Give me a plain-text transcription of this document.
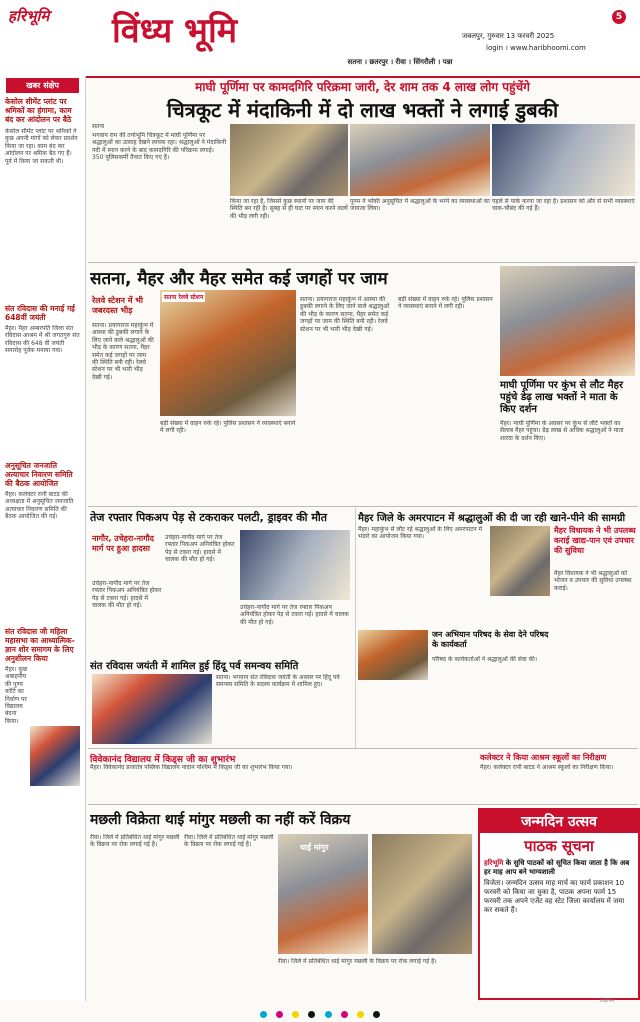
हरिभूमि विंध्य भूमि	जबलपुर, गुरुवार 13 फरवरी 2025
login । www.haribhoomi.com
5
सतना । छतरपुर । रीवा । सिंगरौली । पन्ना
खबर संक्षेप
केसोल सीमेंट प्लांट पर श्रमिकों का हंगामा, काम बंद कर आंदोलन पर बैठे
केसोल सीमेंट प्लांट पर श्रमिकों ने कुछ अपनी मांगों को लेकर प्रदर्शन किया जा रहा। काम बंद कर आंदोलन पर श्रमिक बैठ गए हैं। पूर्व में किया जा सकती थी।
संत रविदास की मनाई गई 648वीं जयंती
मैहर। मैहर अम्बरपति जिला संत रविदास आश्रम में श्री जगतगुरु संत रविदास की 648 वीं जयंती समारोह पूर्वक मनाया गया।
अनुसूचित जनजाति अत्याचार निवारण समिति की बैठक आयोजित
मैहर। कलेक्टर रानी बाटड की अध्यक्षता में अनुसूचित जनजाति अत्याचार निवारण समिति की बैठक आयोजित की गई।
संत रविदास जी महिला महासभा का आध्यात्मिक-ज्ञान शोर समागम के लिए अनुशीलन किया
मैहर। कुछ अबाहनीय की पुण्य कोटि का निर्वाण पर विद्यालय बंदना किया।
माघी पूर्णिमा पर कामदगिरि परिक्रमा जारी, देर शाम तक 4 लाख लोग पहुंचेंगे
चित्रकूट में मंदाकिनी में दो लाख भक्तों ने लगाई डुबकी
सतना
भगवान राम की तपोभूमि चित्रकूट में माघी पूर्णिमा पर श्रद्धालुओं का उत्साह देखने लायक रहा। श्रद्धालुओं ने मंदाकिनी नदी में स्नान करने के बाद कामदगिरि की परिक्रमा लगाई। 350 पुलिसकर्मी तैनात किए गए हैं।
किया जा रहा है, जिससे कुछ स्थानों पर जाम की स्थिति बन रही है। सुबह से ही घाट पर स्नान करने वालों की भीड़ लगी रही।
पूनम ने भक्ति अनुसूचित में श्रद्धालुओं के भरने का व्यवस्थाओं का जायजा लिया।
पहले से पार्क करना जा रहा है। प्रशासन को और से सभी व्यवस्थाएं चाक-चौबंद की गई हैं।
सतना, मैहर और मैहर समेत कई जगहों पर जाम
रेलवे स्टेशन में भी जबरदस्त भीड़
सतना। प्रयागराज महाकुंभ में आस्था की डुबकी लगाने के लिए जाने वाले श्रद्धालुओं की भीड़ के कारण सतना, मैहर समेत कई जगहों पर जाम की स्थिति बनी रही। रेलवे स्टेशन पर भी भारी भीड़ देखी गई।
सतना रेलवे स्टेशन
बड़ी संख्या में वाहन रुके रहे। पुलिस प्रशासन ने व्यवस्थाएं बनाने में लगी रही।
सतना। प्रयागराज महाकुंभ में आस्था की डुबकी लगाने के लिए जाने वाले श्रद्धालुओं की भीड़ के कारण सतना, मैहर समेत कई जगहों पर जाम की स्थिति बनी रही। रेलवे स्टेशन पर भी भारी भीड़ देखी गई।
बड़ी संख्या में वाहन रुके रहे। पुलिस प्रशासन ने व्यवस्थाएं बनाने में लगी रही।
माघी पूर्णिमा पर कुंभ से लौट मैहर पहुंचे डेढ़ लाख भक्तों ने माता के किए दर्शन
मैहर। माघी पूर्णिमा के अवसर पर कुंभ से लौटे भक्तों का सैलाब मैहर पहुंचा। डेढ़ लाख से अधिक श्रद्धालुओं ने माता शारदा के दर्शन किए।
तेज रफ्तार पिकअप पेड़ से टकराकर पलटी, ड्राइवर की मौत
नागौर, उचेहरा-नागौद मार्ग पर हुआ हादसा
उचेहरा-नागौद मार्ग पर तेज रफ्तार पिकअप अनियंत्रित होकर पेड़ से टकरा गई। हादसे में चालक की मौत हो गई।
उचेहरा-नागौद मार्ग पर तेज रफ्तार पिकअप अनियंत्रित होकर पेड़ से टकरा गई। हादसे में चालक की मौत हो गई।	उचेहरा-नागौद मार्ग पर तेज रफ्तार पिकअप अनियंत्रित होकर पेड़ से टकरा गई। हादसे में चालक की मौत हो गई।
संत रविदास जयंती में शामिल हुई हिंदू पर्व समन्वय समिति
सतना। भगवान संत रविदास जयंती के अवसर पर हिंदू पर्व समन्वय समिति के सदस्य कार्यक्रम में शामिल हुए।
मैहर जिले के अमरपाटन में श्रद्धालुओं की दी जा रही खाने-पीने की सामग्री
मैहर। महाकुंभ से लौट रहे श्रद्धालुओं के लिए अमरपाटन में भंडारे का आयोजन किया गया।
मैहर विधायक ने भी उपलब्ध कराई खाद्य-पान एवं उपचार की सुविधा
मैहर विधायक ने भी श्रद्धालुओं को भोजन व उपचार की सुविधा उपलब्ध कराई।
जन अभियान परिषद के सेवा देने परिषद के कार्यकर्ता
परिषद के कार्यकर्ताओं ने श्रद्धालुओं की सेवा की।
विवेकानंद विद्यालय में किड्स जी का शुभारंभ
मैहर। विवेकानंद प्रजातंत्र पब्लिक विद्यालय नादान पश्चिम में किड्स जी का शुभारंभ किया गया।
कलेक्टर ने किया आश्रम स्कूलों का निरीक्षण
मैहर। कलेक्टर रानी बाटड ने आश्रम स्कूलों का निरीक्षण किया।
मछली विक्रेता थाई मांगुर मछली का नहीं करें विक्रय
रीवा। जिले में प्रतिबंधित थाई मांगुर मछली के विक्रय पर रोक लगाई गई है।
रीवा। जिले में प्रतिबंधित थाई मांगुर मछली के विक्रय पर रोक लगाई गई है।	थाई मांगुर
रीवा। जिले में प्रतिबंधित थाई मांगुर मछली के विक्रय पर रोक लगाई गई है।
जन्मदिन उत्सव
पाठक सूचना
हरिभूमि के सुधि पाठकों को सूचित किया जाता है कि अब हर माह आप बने भाग्यशाली
विजेता। जन्मदिन उत्सव माह मार्च का फार्म प्रकाशन 10 फरवरी को किया जा चुका है, पाठक अपना फार्म 15 फरवरी तक अपने एजेंट वह स्टेट जिला कार्यालय में जमा कर सकते हैं।
विज्ञापन
